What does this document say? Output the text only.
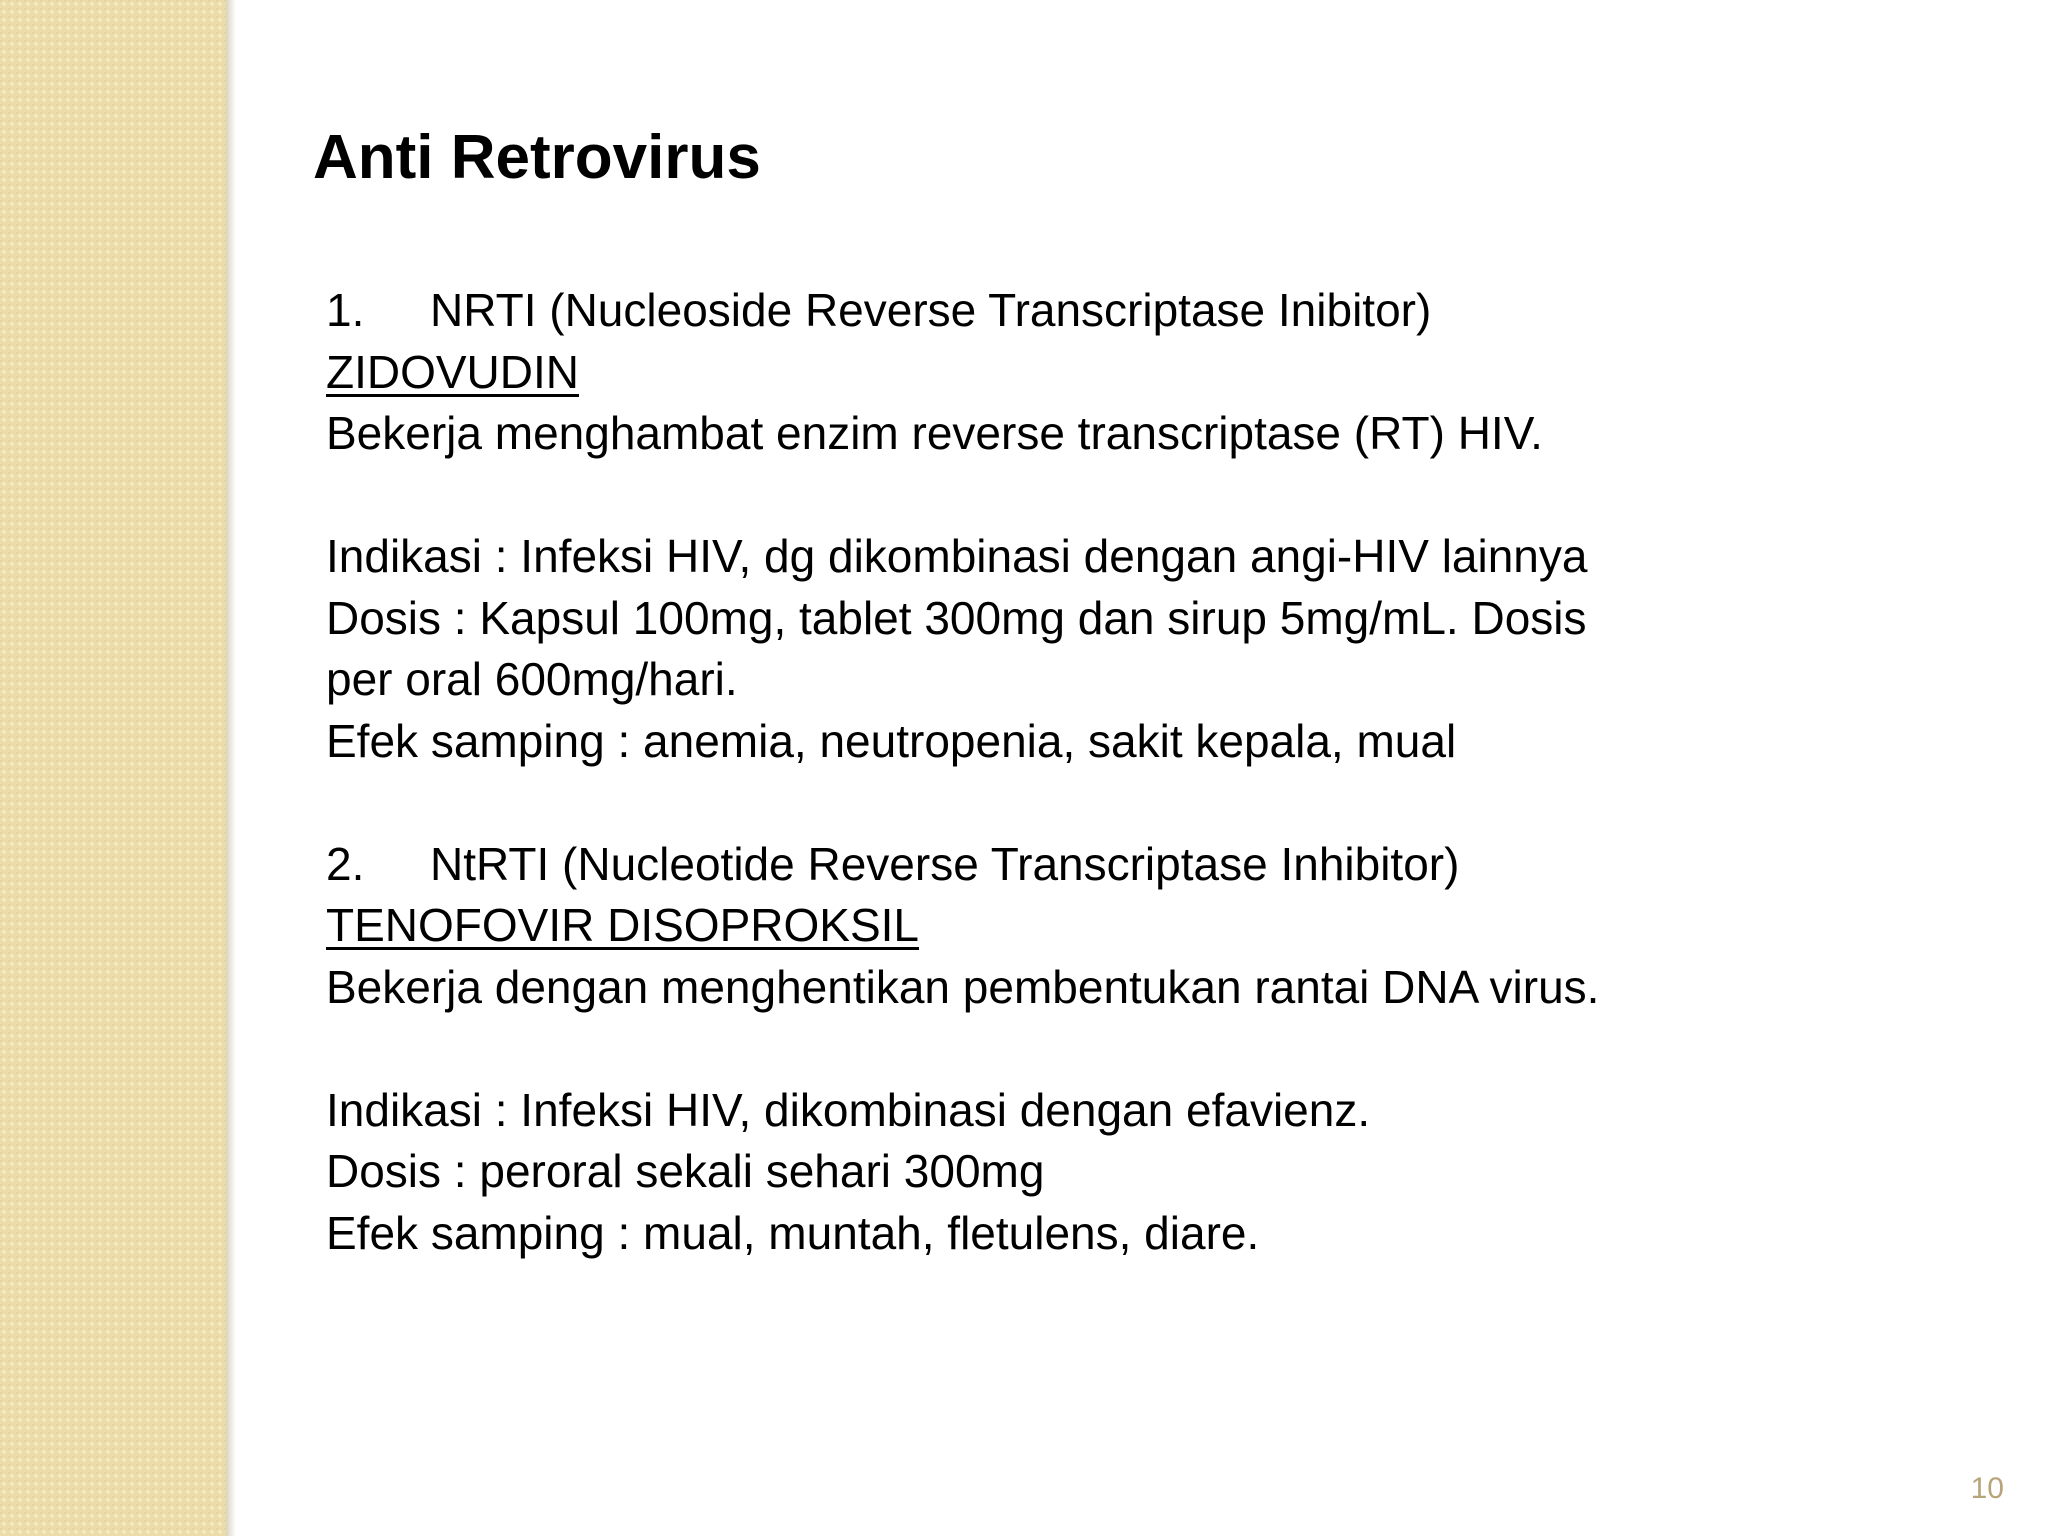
Anti Retrovirus
1. NRTI (Nucleoside Reverse Transcriptase Inibitor)
ZIDOVUDIN
Bekerja menghambat enzim reverse transcriptase (RT) HIV.
Indikasi : Infeksi HIV, dg dikombinasi dengan angi-HIV lainnya
Dosis : Kapsul 100mg, tablet 300mg dan sirup 5mg/mL. Dosis
per oral 600mg/hari.
Efek samping : anemia, neutropenia, sakit kepala, mual
2. NtRTI (Nucleotide Reverse Transcriptase Inhibitor)
TENOFOVIR DISOPROKSIL
Bekerja dengan menghentikan pembentukan rantai DNA virus.
Indikasi : Infeksi HIV, dikombinasi dengan efavienz.
Dosis : peroral sekali sehari 300mg
Efek samping : mual, muntah, fletulens, diare.
10
